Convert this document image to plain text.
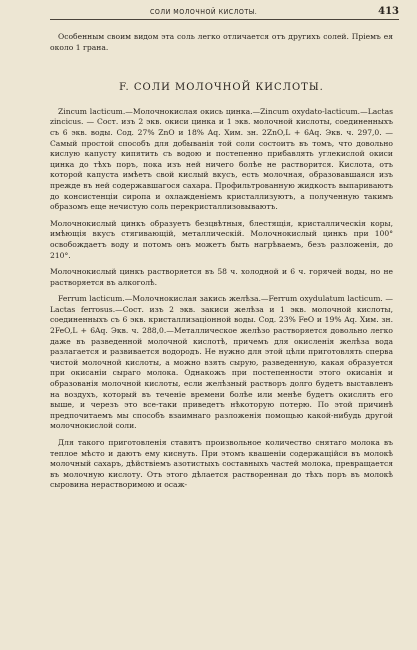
СОЛИ МОЛОЧНОЙ КИСЛОТЫ.	413

Особенным своим видом эта соль легко отличается отъ другихъ солей. Пріемъ ея около 1 грана.

F. СОЛИ МОЛОЧНОЙ КИСЛОТЫ.

Zincum lacticum.—Молочнокислая окись цинка.—Zincum oxydato-lacticum.—Lactas zincicus. — Сост. изъ 2 экв. окиси цинка и 1 экв. молочной кислоты, соединенныхъ съ 6 экв. воды. Сод. 27% ZnO и 18% Aq. Хим. зн. 2ZnO,L + 6Aq. Экв. ч. 297,0. — Самый простой способъ для добыванія той соли состоитъ въ томъ, что довольно кислую капусту кипятить съ водою и постепенно прибавлять углекислой окиси цинка до тѣхъ поръ, пока изъ ней ничего болѣе не растворится. Кислота, отъ которой капуста имѣетъ свой кислый вкусъ, есть молочная, образовавшаяся изъ прежде въ ней содержавшагося сахара. Профильтрованную жидкость выпариваютъ до консистенціи сиропа и охлажденіемъ кристаллизуютъ, а полученную такимъ образомъ еще нечистую соль перекристаллизовываютъ.

Молочнокислый цинкъ образуетъ безцвѣтныя, блестящія, кристаллическія коры, имѣющія вкусъ стягивающій, металлическій. Молочнокислый цинкъ при 100° освобождаетъ воду и потомъ онъ можетъ быть нагрѣваемъ, безъ разложенія, до 210°.

Молочнокислый цинкъ растворяется въ 58 ч. холодной и 6 ч. горячей воды, но не растворяется въ алкоголѣ.

Ferrum lacticum.—Молочнокислая закись желѣза.—Ferrum oxydulatum lacticum. — Lactas ferrosus.—Сост. изъ 2 экв. закиси желѣза и 1 экв. молочной кислоты, соединенныхъ съ 6 экв. кристаллизаціонной воды. Сод. 23% FeO и 19% Aq. Хим. зн. 2FeO,L + 6Aq. Экв. ч. 288,0.—Металлическое желѣзо растворяется довольно легко даже въ разведенной молочной кислотѣ, причемъ для окисленія желѣза вода разлагается и развивается водородъ. Не нужно для этой цѣли приготовлять сперва чистой молочной кислоты, а можно взять сырую, разведенную, какая образуется при окисаніи сыраго молока. Однакожъ при постепенности этого окисанія и образованія молочной кислоты, если желѣзный растворъ долго будетъ выставленъ на воздухъ, который въ теченіе времени болѣе или менѣе будетъ окислять его выше, и черезъ это все-таки приведетъ нѣкоторую потерю. По этой причинѣ предпочитаемъ мы способъ взаимнаго разложенія помощью какой-нибудь другой молочнокислой соли.

Для такого приготовленія ставятъ произвольное количество снятаго молока въ теплое мѣсто и даютъ ему киснуть. При этомъ квашеніи содержащійся въ молокѣ молочный сахаръ, дѣйствіемъ азотистыхъ составныхъ частей молока, превращается въ молочную кислоту. Отъ этого дѣлается растворенная до тѣхъ поръ въ молокѣ сыровина нерастворимою и осаж-
